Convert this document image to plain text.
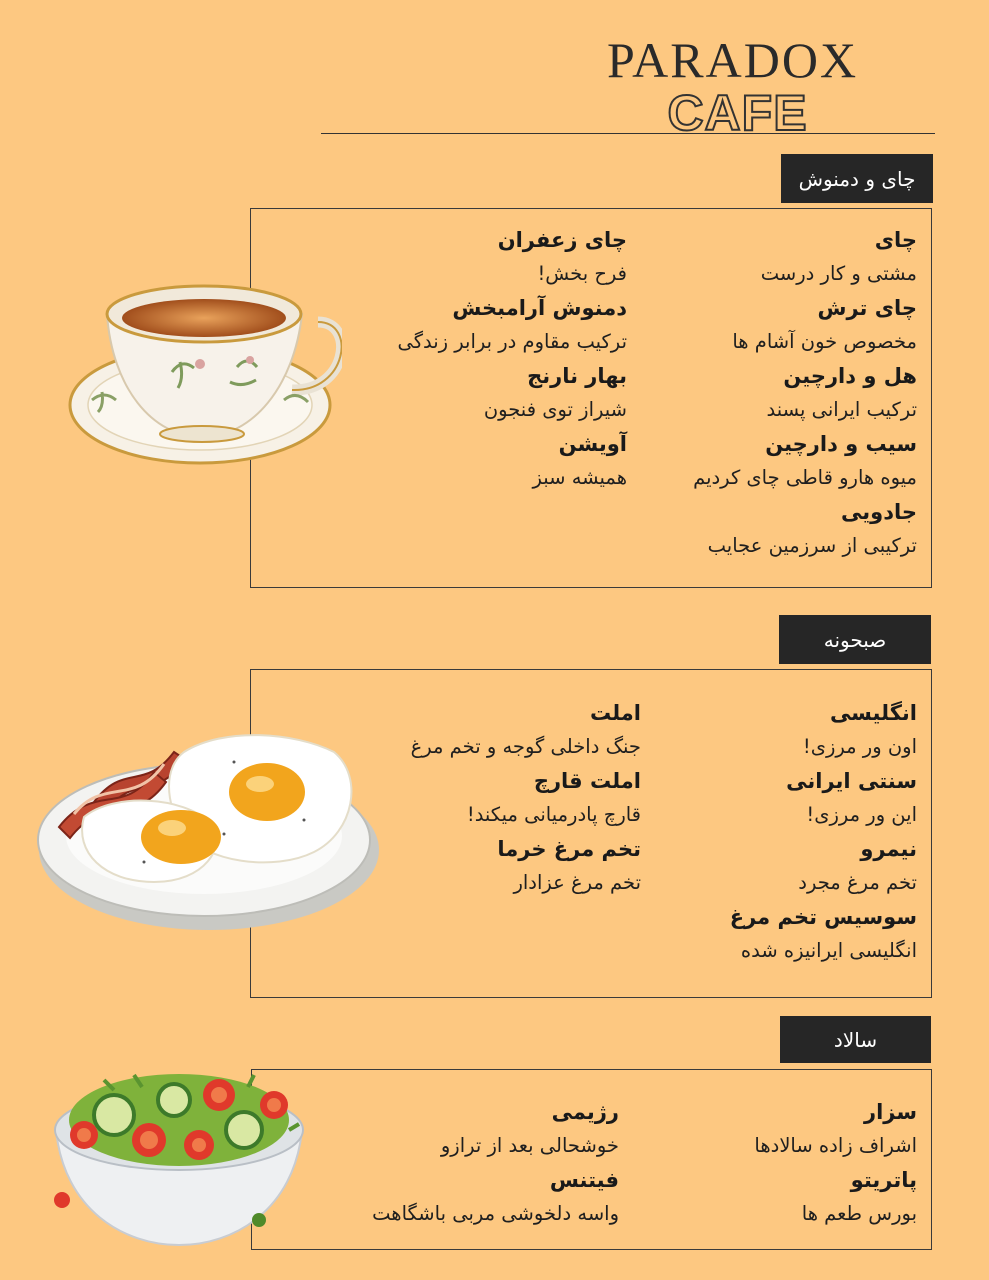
PARADOX
CAFE
چای و دمنوش
چای
مشتی و کار درست
چای ترش
مخصوص خون آشام ها
هل و دارچین
ترکیب ایرانی پسند
سیب و دارچین
میوه هارو قاطی چای کردیم
جادویی
ترکیبی از سرزمین عجایب
چای زعفران
فرح بخش!
دمنوش آرامبخش
ترکیب مقاوم در برابر زندگی
بهار نارنج
شیراز توی فنجون
آویشن
همیشه سبز
صبحونه
انگلیسی
اون ور مرزی!
سنتی ایرانی
این ور مرزی!
نیمرو
تخم مرغ مجرد
سوسیس تخم مرغ
انگلیسی ایرانیزه شده
املت
جنگ داخلی گوجه و تخم مرغ
املت قارچ
قارچ پادرمیانی میکند!
تخم مرغ خرما
تخم مرغ عزادار
سالاد
سزار
اشراف زاده سالادها
پاتریتو
بورس طعم ها
رژیمی
خوشحالی بعد از ترازو
فیتنس
واسه دلخوشی مربی باشگاهت
